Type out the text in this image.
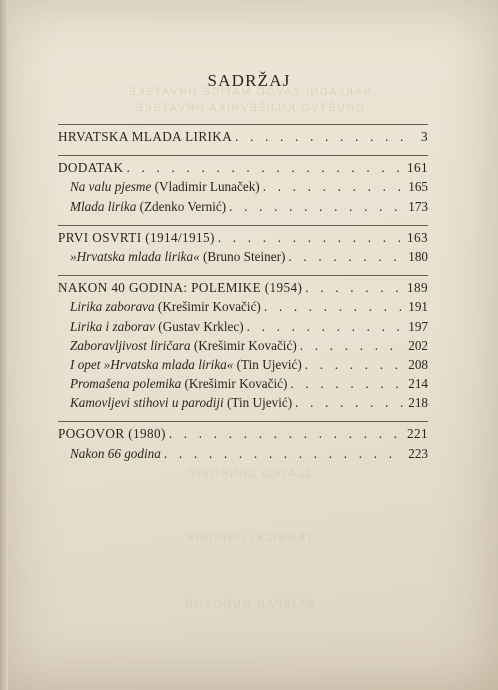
NAKLADNI ZAVOD MATICE HRVATSKE
DRUŠTVO KNJIŽEVNIKA HRVATSKE
ZLATKO CRNKOVIĆ
TEHNIČKI UREDNIK
STJEPAN GUDOVOD
SADRŽAJ
HRVATSKA MLADA LIRIKA . . .	3
DODATAK . . .	161
Na valu pjesme (Vladimir Lunaček) . . .	165
Mlada lirika (Zdenko Vernić) . . .	173
PRVI OSVRTI (1914/1915) . . .	163
»Hrvatska mlada lirika« (Bruno Steiner) . . .	180
NAKON 40 GODINA: POLEMIKE (1954) . . .	189
Lirika zaborava (Krešimir Kovačić) . . .	191
Lirika i zaborav (Gustav Krklec) . . .	197
Zaboravljivost liričara (Krešimir Kovačić) . . .	202
I opet »Hrvatska mlada lirika« (Tin Ujević) . . .	208
Promašena polemika (Krešimir Kovačić) . . .	214
Kamovljevi stihovi u parodiji (Tin Ujević) . . .	218
POGOVOR (1980) . . .	221
Nakon 66 godina . . .	223
